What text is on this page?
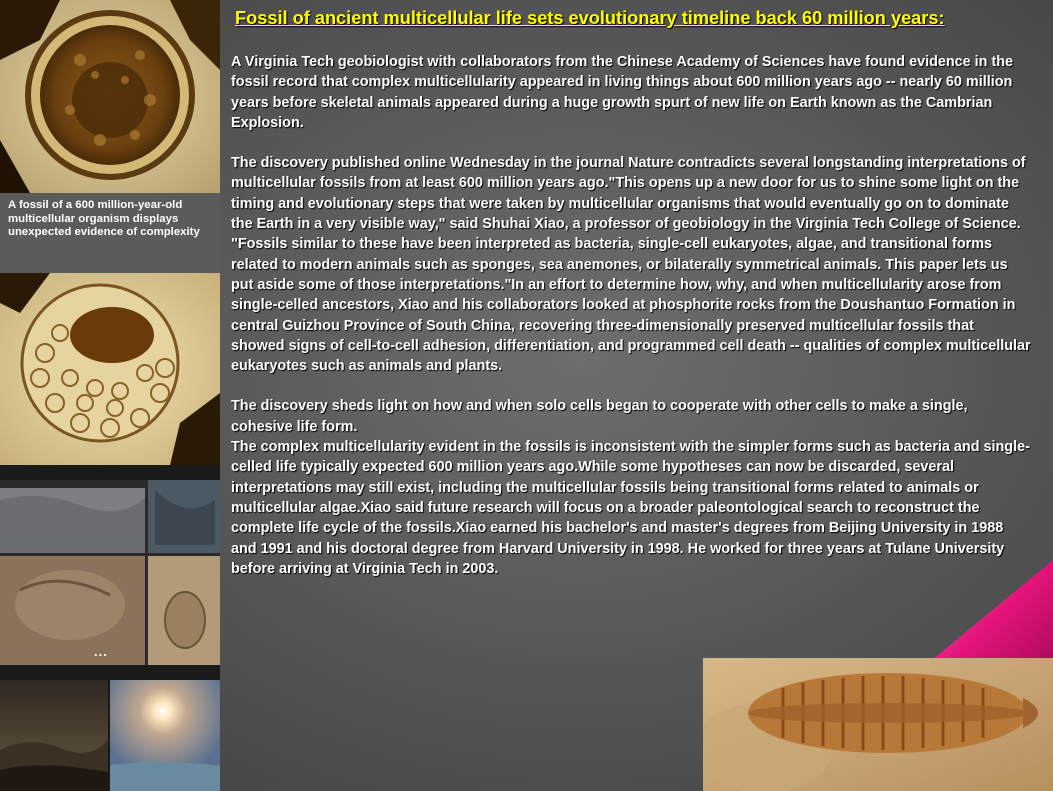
A fossil of a 600 million-year-old multicellular organism displays unexpected evidence of complexity
...
Fossil of ancient multicellular life sets evolutionary timeline back 60 million years:

A Virginia Tech geobiologist with collaborators from the Chinese Academy of Sciences have found evidence in the fossil record that complex multicellularity appeared in living things about 600 million years ago -- nearly 60 million years before skeletal animals appeared during a huge growth spurt of new life on Earth known as the Cambrian Explosion.

The discovery published online Wednesday in the journal Nature contradicts several longstanding interpretations of multicellular fossils from at least 600 million years ago."This opens up a new door for us to shine some light on the timing and evolutionary steps that were taken by multicellular organisms that would eventually go on to dominate the Earth in a very visible way," said Shuhai Xiao, a professor of geobiology in the Virginia Tech College of Science. "Fossils similar to these have been interpreted as bacteria, single-cell eukaryotes, algae, and transitional forms related to modern animals such as sponges, sea anemones, or bilaterally symmetrical animals. This paper lets us put aside some of those interpretations."In an effort to determine how, why, and when multicellularity arose from single-celled ancestors, Xiao and his collaborators looked at phosphorite rocks from the Doushantuo Formation in central Guizhou Province of South China, recovering three-dimensionally preserved multicellular fossils that showed signs of cell-to-cell adhesion, differentiation, and programmed cell death -- qualities of complex multicellular eukaryotes such as animals and plants.

The discovery sheds light on how and when solo cells began to cooperate with other cells to make a single, cohesive life form.

The complex multicellularity evident in the fossils is inconsistent with the simpler forms such as bacteria and single-celled life typically expected 600 million years ago.While some hypotheses can now be discarded, several interpretations may still exist, including the multicellular fossils being transitional forms related to animals or multicellular algae.Xiao said future research will focus on a broader paleontological search to reconstruct the complete life cycle of the fossils.Xiao earned his bachelor's and master's degrees from Beijing University in 1988 and 1991 and his doctoral degree from Harvard University in 1998. He worked for three years at Tulane University before arriving at Virginia Tech in 2003.
